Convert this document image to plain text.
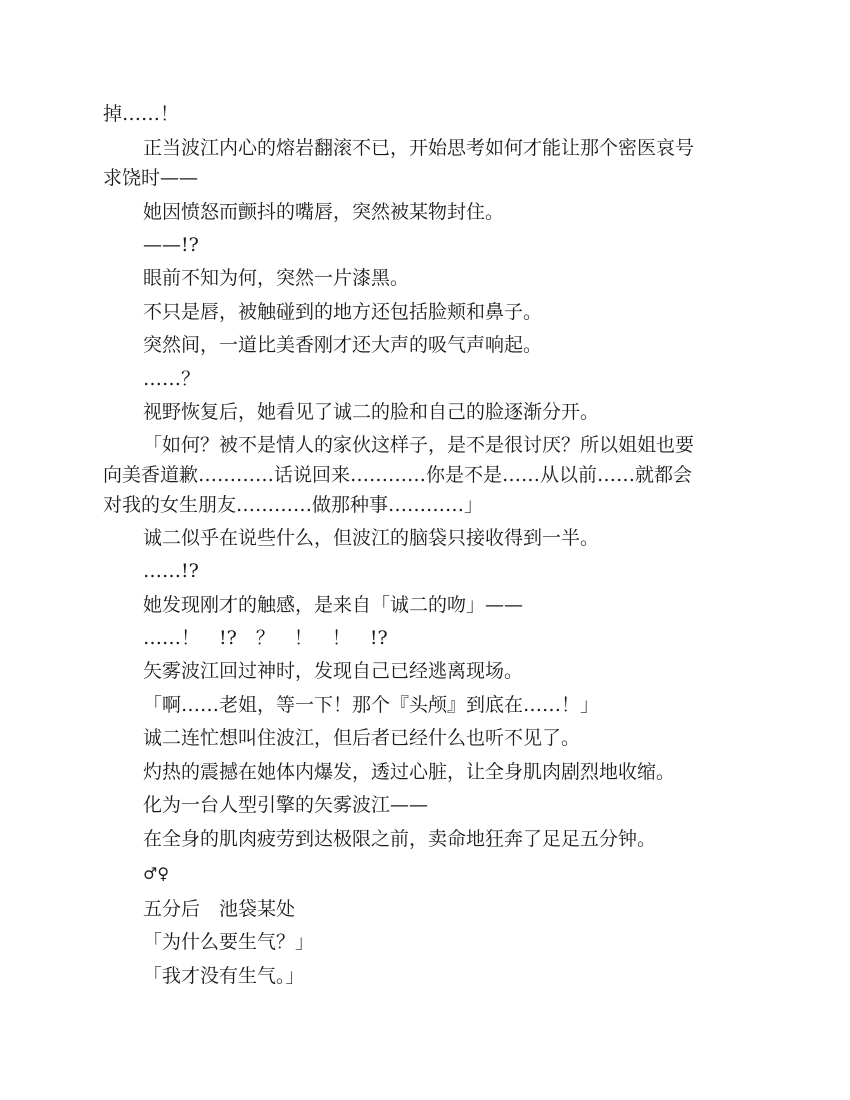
掉……！
正当波江内心的熔岩翻滚不已，开始思考如何才能让那个密医哀号
求饶时——
她因愤怒而颤抖的嘴唇，突然被某物封住。
——!?
眼前不知为何，突然一片漆黑。
不只是唇，被触碰到的地方还包括脸颊和鼻子。
突然间，一道比美香刚才还大声的吸气声响起。
……？
视野恢复后，她看见了诚二的脸和自己的脸逐渐分开。
「如何？被不是情人的家伙这样子，是不是很讨厌？所以姐姐也要
向美香道歉…………话说回来…………你是不是……从以前……就都会
对我的女生朋友…………做那种事…………」
诚二似乎在说些什么，但波江的脑袋只接收得到一半。
……!?
她发现刚才的触感，是来自「诚二的吻」——
……！　!?　？　！　！　!?
矢雾波江回过神时，发现自己已经逃离现场。
「啊……老姐，等一下！那个『头颅』到底在……！」
诚二连忙想叫住波江，但后者已经什么也听不见了。
灼热的震撼在她体内爆发，透过心脏，让全身肌肉剧烈地收缩。
化为一台人型引擎的矢雾波江——
在全身的肌肉疲劳到达极限之前，卖命地狂奔了足足五分钟。
♂♀
五分后　池袋某处
「为什么要生气？」
「我才没有生气。」
